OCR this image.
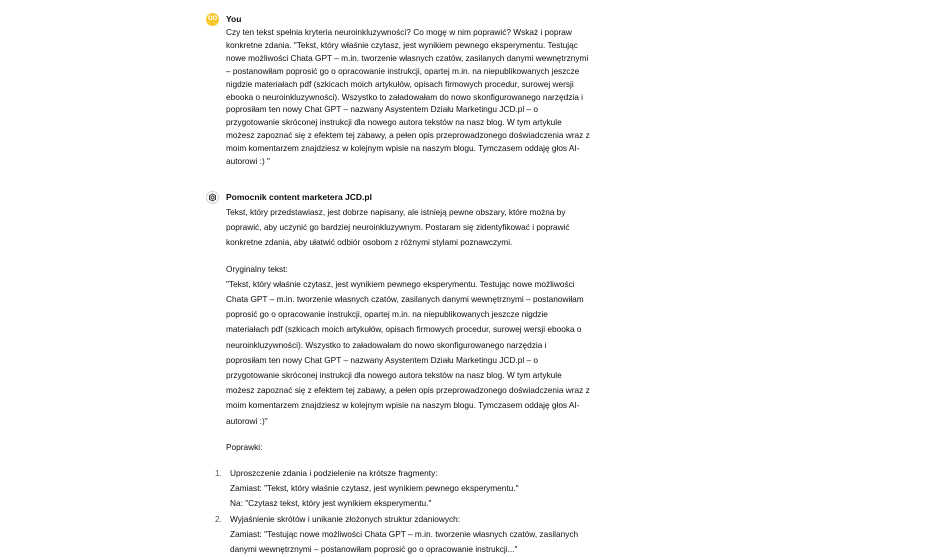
OO You
Czy ten tekst spełnia kryteria neuroinkluzywności? Co mogę w nim poprawić? Wskaż i popraw
konkretne zdania. "Tekst, który właśnie czytasz, jest wynikiem pewnego eksperymentu. Testując
nowe możliwości Chata GPT – m.in. tworzenie własnych czatów, zasilanych danymi wewnętrznymi
– postanowiłam poprosić go o opracowanie instrukcji, opartej m.in. na niepublikowanych jeszcze
nigdzie materiałach pdf (szkicach moich artykułów, opisach firmowych procedur, surowej wersji
ebooka o neuroinkluzywności). Wszystko to załadowałam do nowo skonfigurowanego narzędzia i
poprosiłam ten nowy Chat GPT – nazwany Asystentem Działu Marketingu JCD.pl – o
przygotowanie skróconej instrukcji dla nowego autora tekstów na nasz blog. W tym artykule
możesz zapoznać się z efektem tej zabawy, a pełen opis przeprowadzonego doświadczenia wraz z
moim komentarzem znajdziesz w kolejnym wpisie na naszym blogu. Tymczasem oddaję głos AI-
autorowi :) "
Pomocnik content marketera JCD.pl

Tekst, który przedstawiasz, jest dobrze napisany, ale istnieją pewne obszary, które można by
poprawić, aby uczynić go bardziej neuroinkluzywnym. Postaram się zidentyfikować i poprawić
konkretne zdania, aby ułatwić odbiór osobom z różnymi stylami poznawczymi.

Oryginalny tekst:

"Tekst, który właśnie czytasz, jest wynikiem pewnego eksperymentu. Testując nowe możliwości
Chata GPT – m.in. tworzenie własnych czatów, zasilanych danymi wewnętrznymi – postanowiłam
poprosić go o opracowanie instrukcji, opartej m.in. na niepublikowanych jeszcze nigdzie
materiałach pdf (szkicach moich artykułów, opisach firmowych procedur, surowej wersji ebooka o
neuroinkluzywności). Wszystko to załadowałam do nowo skonfigurowanego narzędzia i
poprosiłam ten nowy Chat GPT – nazwany Asystentem Działu Marketingu JCD.pl – o
przygotowanie skróconej instrukcji dla nowego autora tekstów na nasz blog. W tym artykule
możesz zapoznać się z efektem tej zabawy, a pełen opis przeprowadzonego doświadczenia wraz z
moim komentarzem znajdziesz w kolejnym wpisie na naszym blogu. Tymczasem oddaję głos AI-
autorowi :)"

Poprawki:

1. Uproszczenie zdania i podzielenie na krótsze fragmenty:
Zamiast: "Tekst, który właśnie czytasz, jest wynikiem pewnego eksperymentu."
Na: "Czytasz tekst, który jest wynikiem eksperymentu."
2. Wyjaśnienie skrótów i unikanie złożonych struktur zdaniowych:
Zamiast: "Testując nowe możliwości Chata GPT – m.in. tworzenie własnych czatów, zasilanych
danymi wewnętrznymi – postanowiłam poprosić go o opracowanie instrukcji..."
